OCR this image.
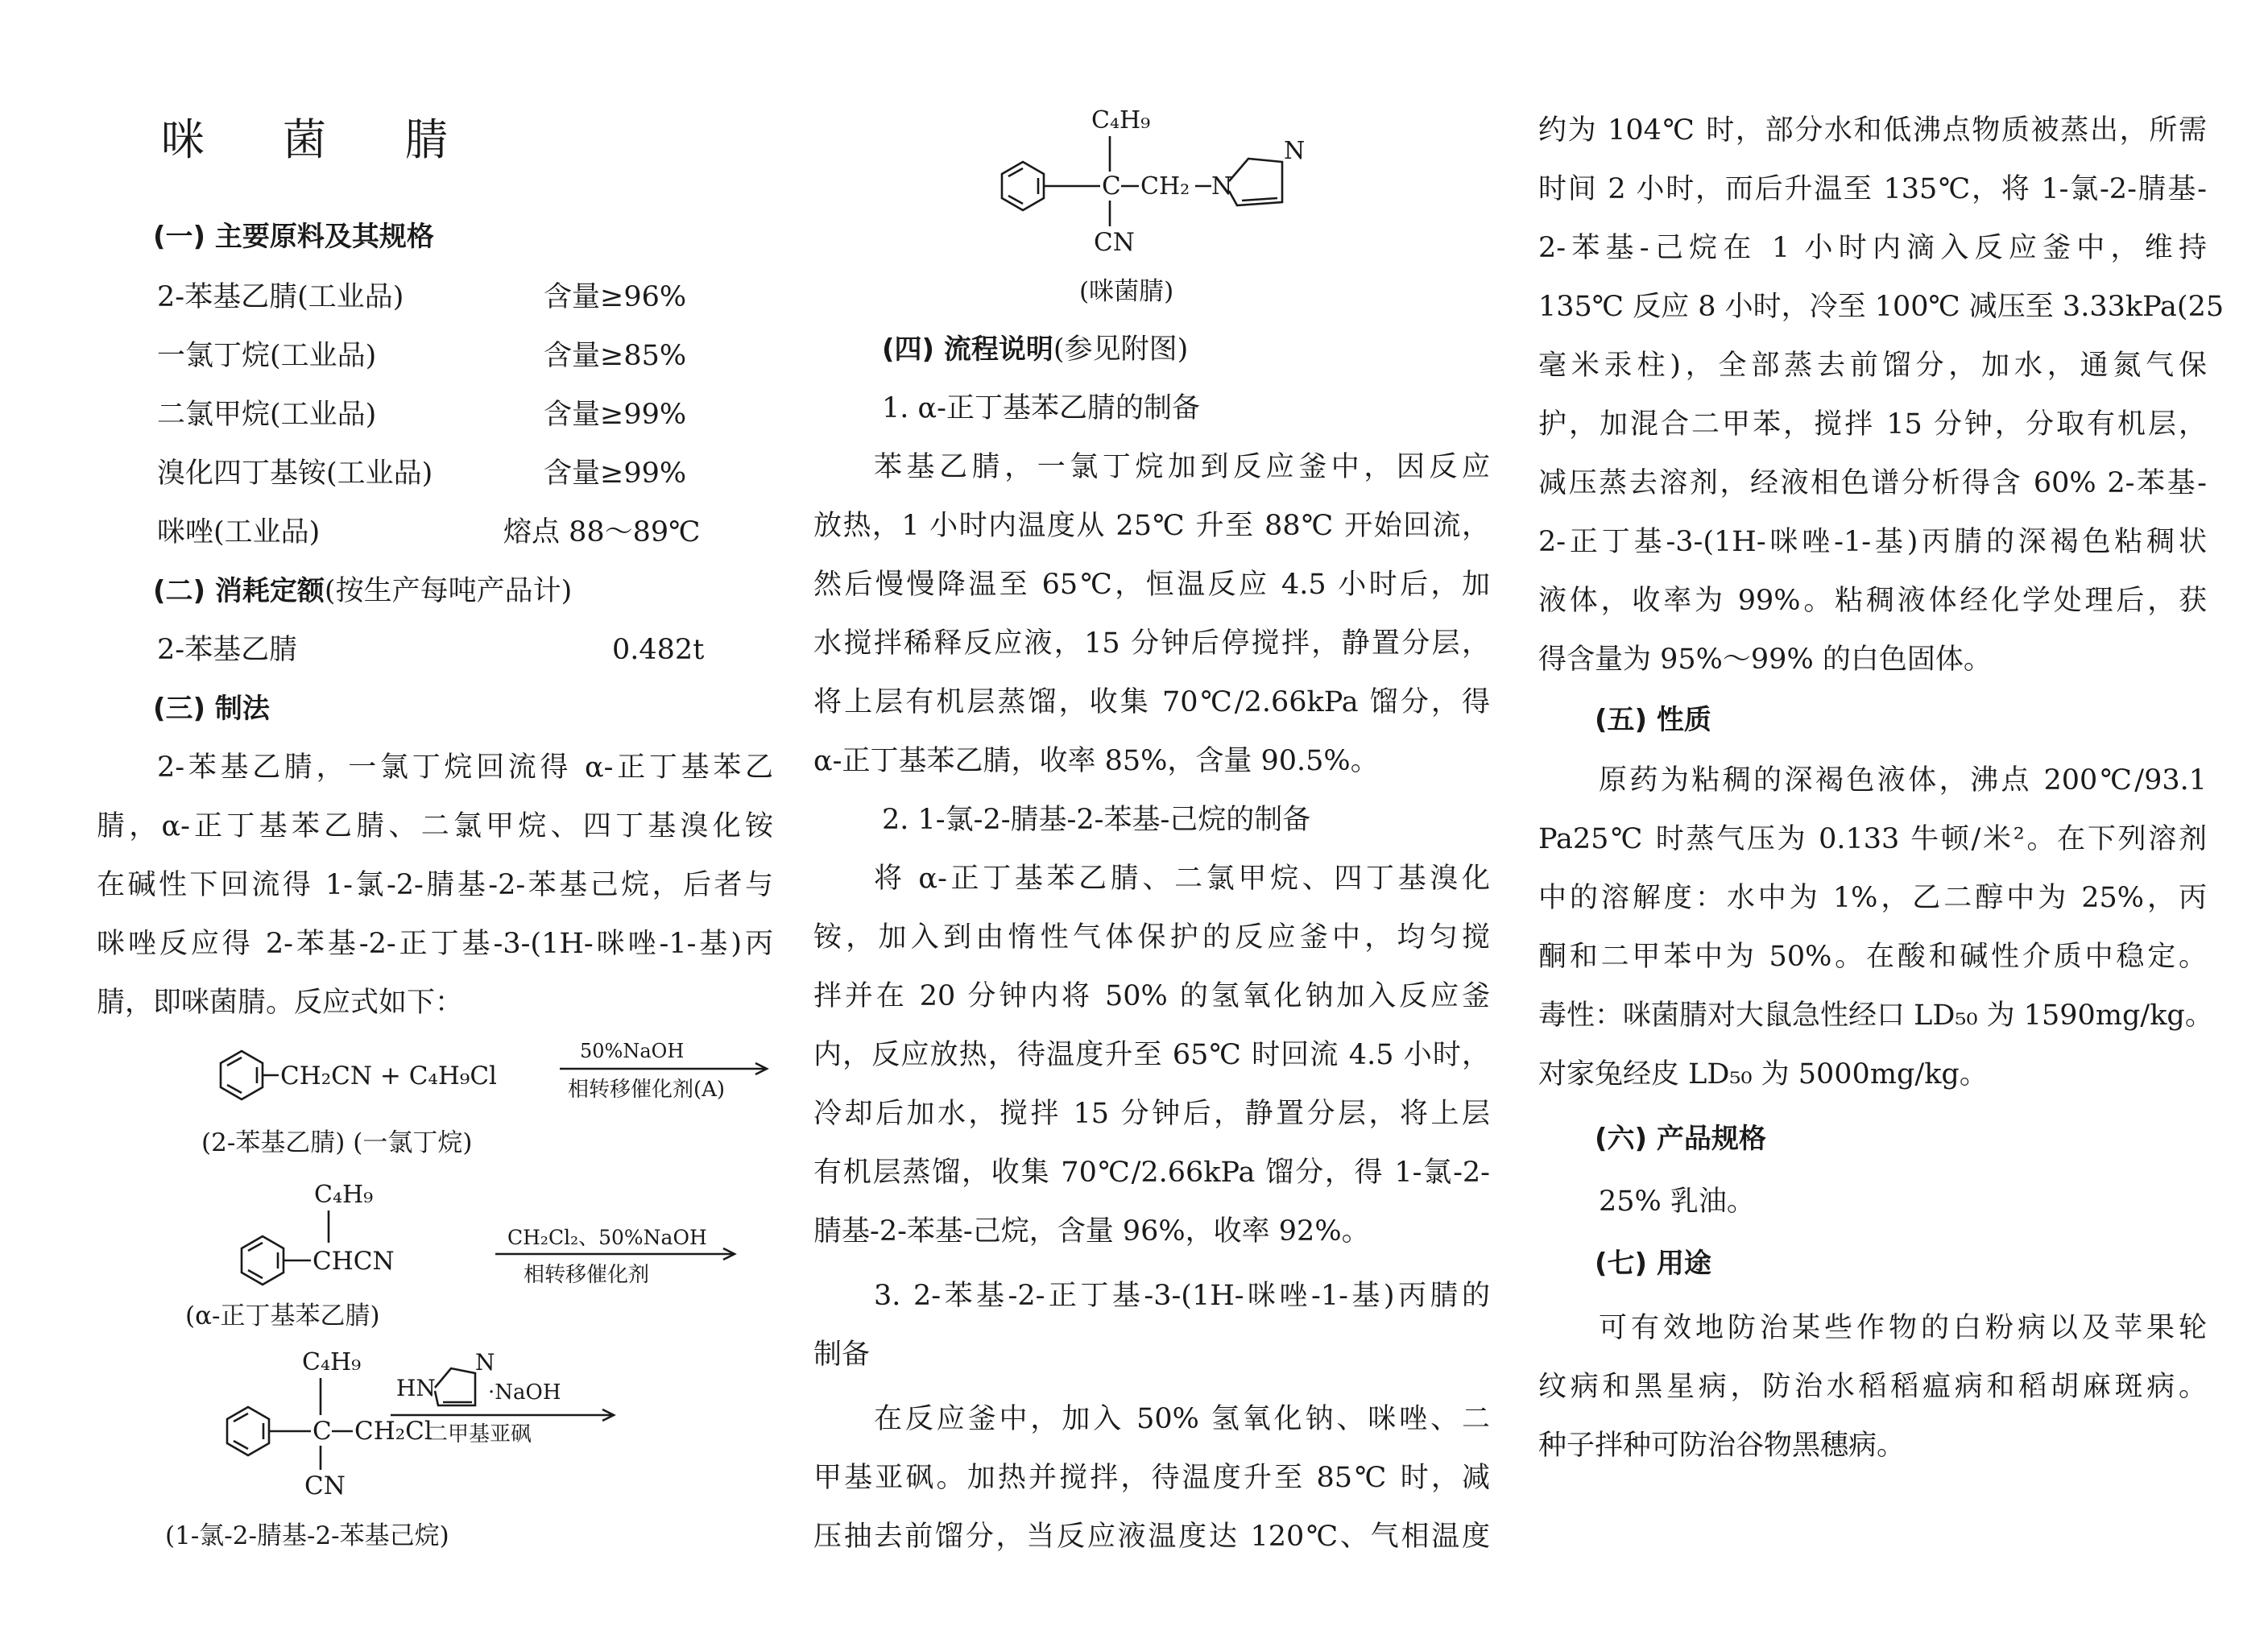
咪 菌 腈
(一) 主要原料及其规格
2-苯基乙腈(工业品)	含量≥96%
一氯丁烷(工业品)	含量≥85%
二氯甲烷(工业品)	含量≥99%
溴化四丁基铵(工业品)	含量≥99%
咪唑(工业品)	熔点 88～89℃
(二) 消耗定额(按生产每吨产品计)
2-苯基乙腈	0.482t
(三) 制法
2-苯基乙腈，一氯丁烷回流得 α-正丁基苯乙
腈，α-正丁基苯乙腈、二氯甲烷、四丁基溴化铵
在碱性下回流得 1-氯-2-腈基-2-苯基己烷，后者与
咪唑反应得 2-苯基-2-正丁基-3-(1H-咪唑-1-基)丙
腈，即咪菌腈。反应式如下：
CH₂CN + C₄H₉Cl
50%NaOH
相转移催化剂(A)
(2-苯基乙腈) (一氯丁烷)
C₄H₉
CHCN
CH₂Cl₂、50%NaOH
相转移催化剂
(α-正丁基苯乙腈)
C₄H₉
C CH₂Cl
CN
HN
N
·NaOH
二甲基亚砜
(1-氯-2-腈基-2-苯基己烷)
C₄H₉
C CH₂ N
N
CN
(咪菌腈)
(四) 流程说明(参见附图)
1. α-正丁基苯乙腈的制备
苯基乙腈，一氯丁烷加到反应釜中，因反应
放热，1 小时内温度从 25℃ 升至 88℃ 开始回流，
然后慢慢降温至 65℃，恒温反应 4.5 小时后，加
水搅拌稀释反应液，15 分钟后停搅拌，静置分层，
将上层有机层蒸馏，收集 70℃/2.66kPa 馏分，得
α-正丁基苯乙腈，收率 85%，含量 90.5%。
2. 1-氯-2-腈基-2-苯基-己烷的制备
将 α-正丁基苯乙腈、二氯甲烷、四丁基溴化
铵，加入到由惰性气体保护的反应釜中，均匀搅
拌并在 20 分钟内将 50% 的氢氧化钠加入反应釜
内，反应放热，待温度升至 65℃ 时回流 4.5 小时，
冷却后加水，搅拌 15 分钟后，静置分层，将上层
有机层蒸馏，收集 70℃/2.66kPa 馏分，得 1-氯-2-
腈基-2-苯基-己烷，含量 96%，收率 92%。
3. 2-苯基-2-正丁基-3-(1H-咪唑-1-基)丙腈的
制备
在反应釜中，加入 50% 氢氧化钠、咪唑、二
甲基亚砜。加热并搅拌，待温度升至 85℃ 时，减
压抽去前馏分，当反应液温度达 120℃、气相温度
约为 104℃ 时，部分水和低沸点物质被蒸出，所需
时间 2 小时，而后升温至 135℃，将 1-氯-2-腈基-
2-苯基-己烷在 1 小时内滴入反应釜中，维持
135℃ 反应 8 小时，冷至 100℃ 减压至 3.33kPa(25
毫米汞柱)，全部蒸去前馏分，加水，通氮气保
护，加混合二甲苯，搅拌 15 分钟，分取有机层，
减压蒸去溶剂，经液相色谱分析得含 60% 2-苯基-
2-正丁基-3-(1H-咪唑-1-基)丙腈的深褐色粘稠状
液体，收率为 99%。粘稠液体经化学处理后，获
得含量为 95%～99% 的白色固体。
(五) 性质
原药为粘稠的深褐色液体，沸点 200℃/93.1
Pa25℃ 时蒸气压为 0.133 牛顿/米²。在下列溶剂
中的溶解度：水中为 1%，乙二醇中为 25%，丙
酮和二甲苯中为 50%。在酸和碱性介质中稳定。
毒性：咪菌腈对大鼠急性经口 LD₅₀ 为 1590mg/kg。
对家兔经皮 LD₅₀ 为 5000mg/kg。
(六) 产品规格
25% 乳油。
(七) 用途
可有效地防治某些作物的白粉病以及苹果轮
纹病和黑星病，防治水稻稻瘟病和稻胡麻斑病。
种子拌种可防治谷物黑穗病。
